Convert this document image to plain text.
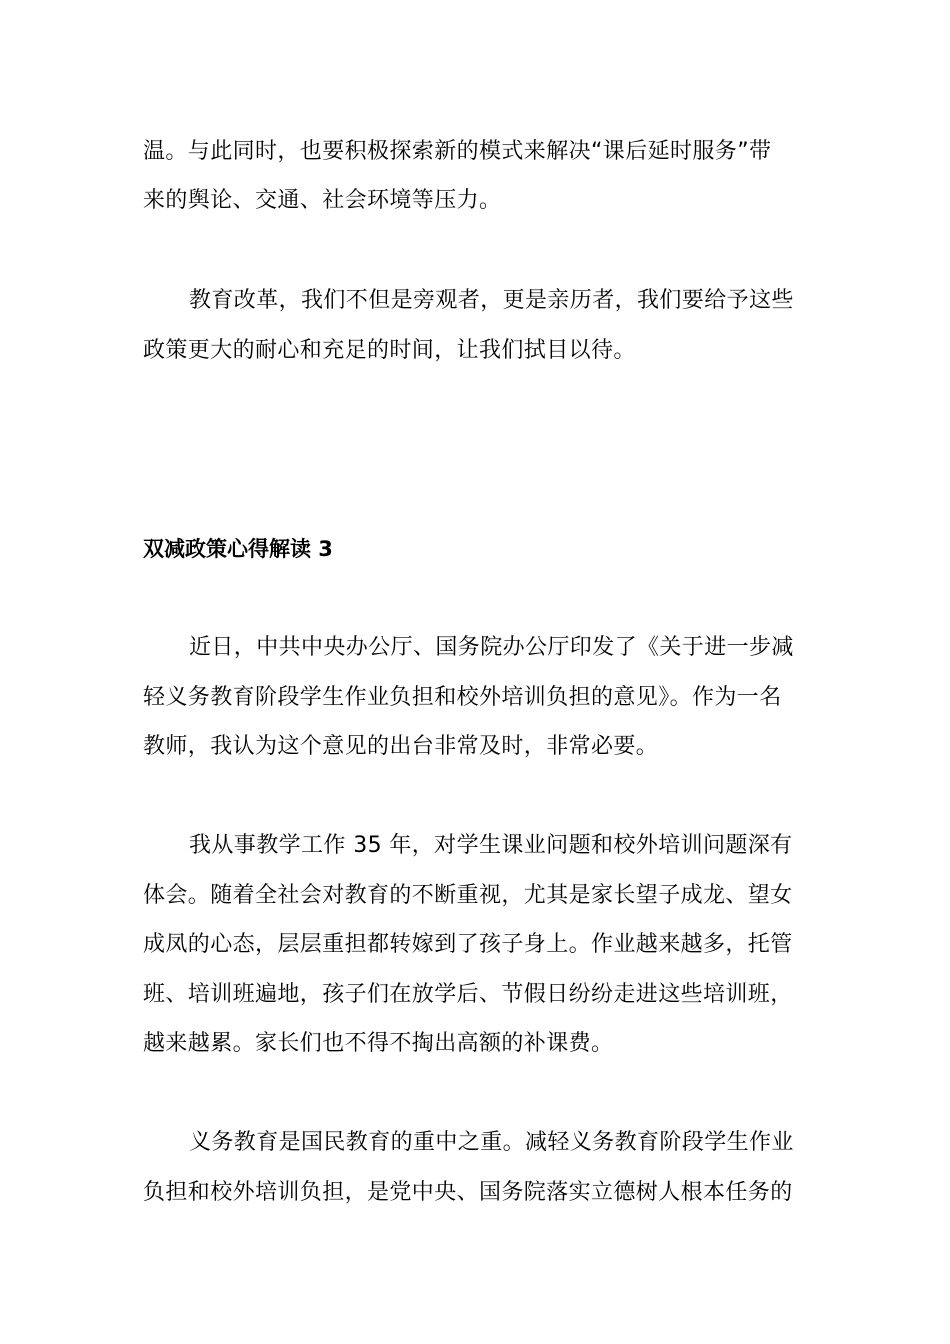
温。与此同时，也要积极探索新的模式来解决“课后延时服务”带
来的舆论、交通、社会环境等压力。
教育改革，我们不但是旁观者，更是亲历者，我们要给予这些
政策更大的耐心和充足的时间，让我们拭目以待。
双减政策心得解读 3
近日，中共中央办公厅、国务院办公厅印发了《关于进一步减
轻义务教育阶段学生作业负担和校外培训负担的意见》。作为一名
教师，我认为这个意见的出台非常及时，非常必要。
我从事教学工作 35 年，对学生课业问题和校外培训问题深有
体会。随着全社会对教育的不断重视，尤其是家长望子成龙、望女
成凤的心态，层层重担都转嫁到了孩子身上。作业越来越多，托管
班、培训班遍地，孩子们在放学后、节假日纷纷走进这些培训班，
越来越累。家长们也不得不掏出高额的补课费。
义务教育是国民教育的重中之重。减轻义务教育阶段学生作业
负担和校外培训负担，是党中央、国务院落实立德树人根本任务的
